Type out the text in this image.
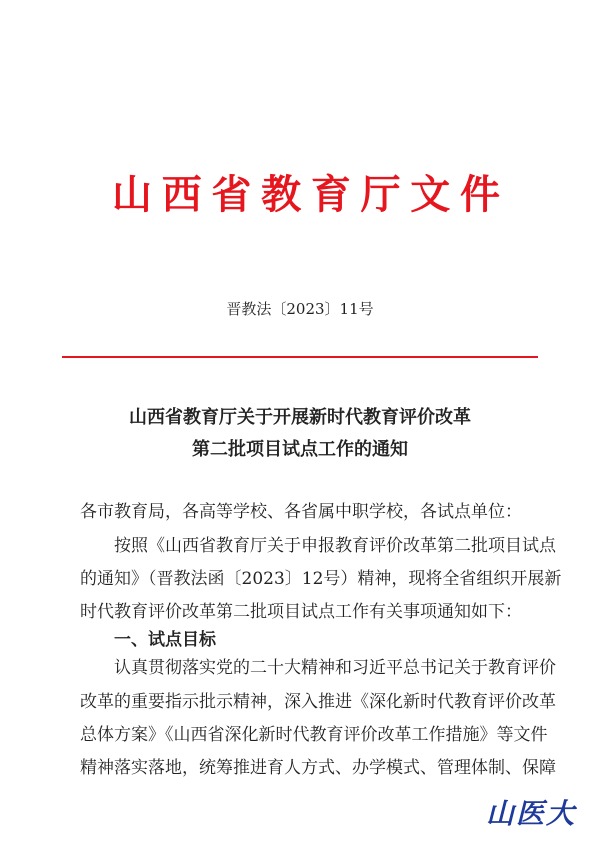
山西省教育厅文件
晋教法〔2023〕11号
山西省教育厅关于开展新时代教育评价改革
第二批项目试点工作的通知
各市教育局，各高等学校、各省属中职学校，各试点单位：
按照《山西省教育厅关于申报教育评价改革第二批项目试点
的通知》（晋教法函〔2023〕12号）精神，现将全省组织开展新
时代教育评价改革第二批项目试点工作有关事项通知如下：
一、试点目标
认真贯彻落实党的二十大精神和习近平总书记关于教育评价
改革的重要指示批示精神，深入推进《深化新时代教育评价改革
总体方案》《山西省深化新时代教育评价改革工作措施》等文件
精神落实落地，统筹推进育人方式、办学模式、管理体制、保障
山医大
